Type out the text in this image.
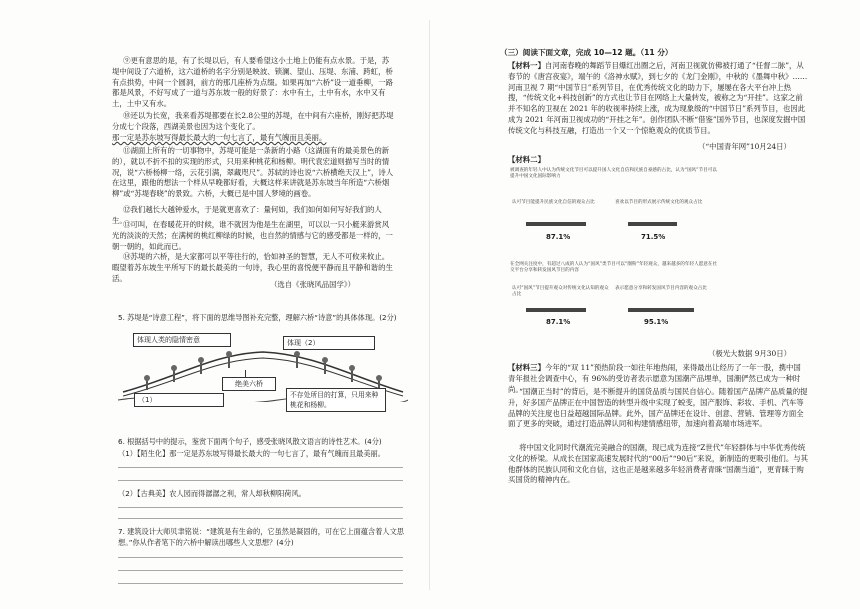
⑨更有意思的是，有了长堤以后，有人要希望这小土地上仍能有点水景。于是，苏堤中间设了六道桥，这六道桥的名字分别是映波、锁澜、望山、压堤、东浦、跨虹，桥有点拱势，中间一个圆洞，前方的那几座桥为点缀。如果再加“六桥”设一道垂柳，一路都是风景，不好写成了一道与苏东坡一般的好景了：水中有土，土中有水，水中又有土，土中又有水。

⑩还以为长宽，我来看苏堤都要在长2.8公里的苏堤，在中间有六座桥，刚好把苏堤分成七个段落，西湖美景也因为这个变化了。

那一定是苏东坡写得最长最大的一句七言了，最有气魄而且美丽。

⑪湖面上所有的一切事物中，苏堤可能是一条新的小路（这湖面有的最美景色的新的），就以不折不扣的实现的形式，只用来种桃花和杨柳。明代袁宏道则描写当时的情况，说“六桥杨柳一络，云花引满，翠藏咫尺”。苏轼的诗也说“六桥横绝天汉上”，诗人在这里，跟他的想法一个样从早晚都好看，大概这样来讲就是苏东坡当年所造“六桥烟柳”或“苏堤春晓”的景致。六桥，大概已是中国人梦境的画卷。

⑫我们越长大越钟爱水，于是就更喜欢了：量何如，我们如何如何写好我们的人生。

⑬可叫，在春暖花开的时候，谁不就因为他是生在湖里，可以以一只小艇来游赏风光的淡淡的天然；在满树的桃红柳绿的时候，也自然的情感与它的感受都是一样的，一朝一朝的，如此而已。

⑭苏堤的六桥，是大家都可以平等往行的，恰如神圣的智慧，无人不可攸来攸止。暇望着苏东坡生平所写下的最长最美的一句诗，我心里的喜悦便平静而且平静和谐的生活。

（选自《张晓风品国学》）

5. 苏堤是“诗意工程”，将下面的思维导图补充完整，理解六桥“诗意”的具体体现。(2分)

体现人类的隐情密意	体现（2）
绝美六桥
（1）
不存处所目的打算，只用来种桃花和杨柳。

6. 根据括号中的提示，鉴赏下面两个句子，感受张晓风散文语言的诗性艺术。(4分)

（1）【陌生化】那一定是苏东坡写得最长最大的一句七言了，最有气魄而且最美丽。

（2）【古典美】农人园而得潺潺之利，常人却秋柳阳荷风。

7. 建筑设计大师贝聿铭说：“建筑是有生命的，它虽然是凝固的，可在它上面蕴含着人文思想。”你从作者笔下的六桥中解读出哪些人文思想？(4分)

（三）阅读下面文章，完成 10—12 题。（11 分）

【材料一】自河南春晚的舞蹈节目爆红出圈之后，河南卫视就仿佛被打通了“任督二脉”，从春节的《唐宫夜宴》，端午的《洛神水赋》，到七夕的《龙门金刚》，中秋的《墨舞中秋》……河南卫视 7 期“中国节日”系列节目，在优秀传统文化的助力下，屡屡在各大平台冲上热搜，“传统文化+科技创新”的方式也让节目在网络上大量转发，被称之为“开挂”。这家之前并不知名的卫视在 2021 年的收视率持续上涨，成为现象级的“中国节日”系列节目，也因此成为 2021 年河南卫视成功的“开挂之年”。创作团队不断“借鉴”国外节目，也深度发掘中国传统文化与科技互融，打造出一个又一个惊艳观众的优质节目。

（“中国青年网”10月24日）

【材料二】

被调查的年轻人中认为传统文化节目可以提升国人文化自信和民族自豪感的占比，认为“国风”节目可以提升中国文化国际影响力
认可节目能提升民族文化自信的观众占比	喜欢以节目的形式展示传统文化的观众占比
87.1%	71.5%
在全网关注度中，有超过八成的人认为“国风”类节目可以“圈粉”年轻观众，越来越多的年轻人愿意在社交平台分享和转发国风节目的内容
认可“国风”节目提升观众对传统文化认知的观众占比
表示愿意分享和转发国风节目内容的观众占比
87.1%	95.1%

（极光大数据 9月30日）

【材料三】今年的“双 11”预热阶段一如往年地热闹，来得最出让经历了一年一股，携中国青年报社会调查中心，有 96%的受访者表示愿意为国潮产品埋单，国潮俨然已成为一种时尚。

“国潮正当时”的背后，是不断提升的国货品质与国民自信心。随着国产品牌产品质量的提升，好多国产品牌正在中国智造的转型升级中实现了蜕变，国产服饰、彩妆、手机、汽车等品牌的关注度也日益超越国际品牌。此外，国产品牌还在设计、创意、营销、管理等方面全面了更多的突破，通过打造品牌认同和构建情感纽带，加速向着高端市场进军。

将中国文化同时代潮流完美融合的国潮，现已成为连接“Z世代”年轻群体与中华优秀传统文化的桥梁。从成长在国家高速发展时代的“00后”“90后”来说，新制造的更吸引他们。与其他群体的民族认同和文化自信，这也正是越来越多年轻消费者青睐“国潮当道”，更青睐于购买国货的精神内在。
